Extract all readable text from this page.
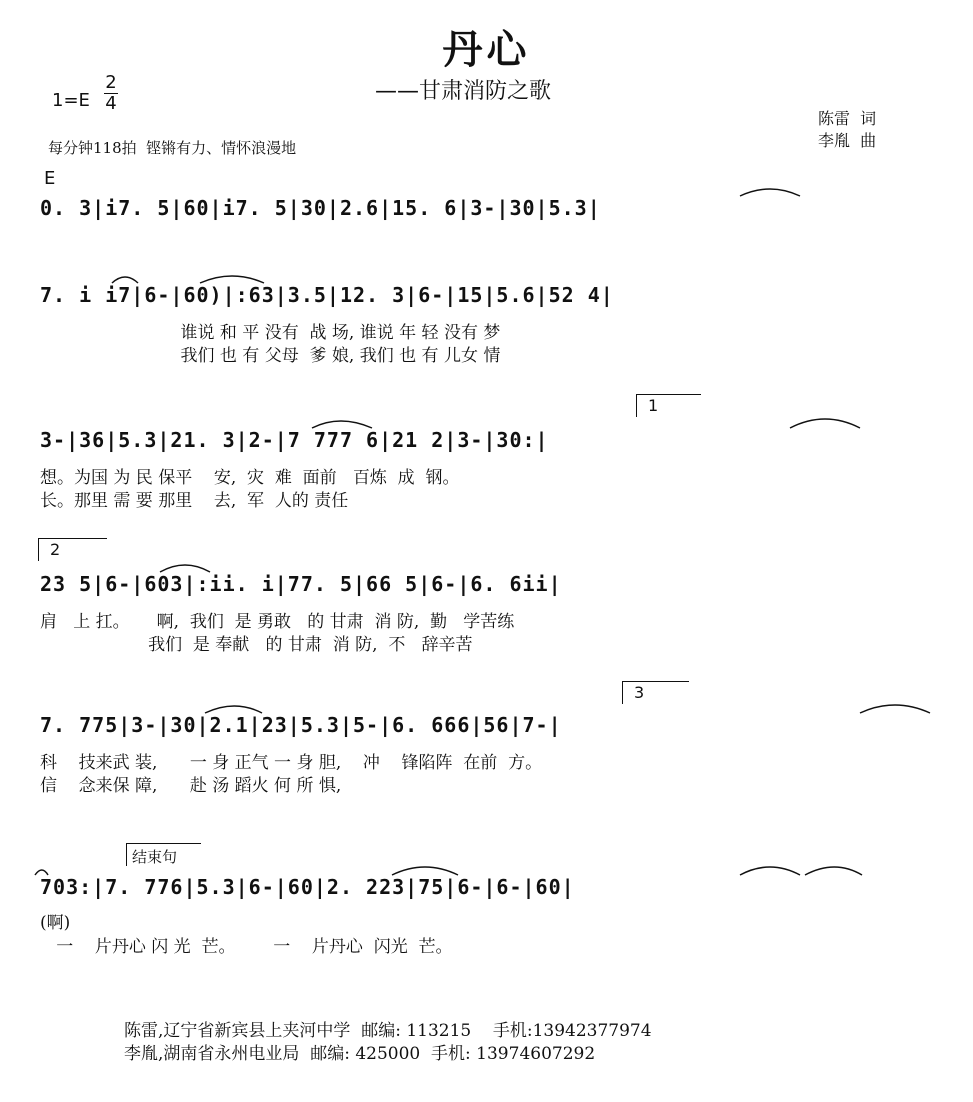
丹心
——甘肃消防之歌
1=E
2
4
每分钟118拍  铿锵有力、情怀浪漫地
陈雷  词
李胤  曲
E
0. 3|i7. 5|60|i7. 5|30|2.6|15. 6|3-|30|5.3|
7. i i7|6-|60)|:63|3.5|12. 3|6-|15|5.6|52 4|
谁说 和 平 没有  战 场, 谁说 年 轻 没有 梦
我们 也 有 父母  爹 娘, 我们 也 有 儿女 情
1
3-|36|5.3|21. 3|2-|7 777 6|21 2|3-|30:|
想。为国 为 民 保平    安,  灾  难  面前   百炼  成  钢。
长。那里 需 要 那里    去,  军  人的 责任
2
23 5|6-|603|:ii. i|77. 5|66 5|6-|6. 6ii|
肩   上 扛。     啊,  我们  是 勇敢   的 甘肃  消 防,  勤   学苦练
我们  是 奉献   的 甘肃  消 防,  不   辞辛苦
3
7. 775|3-|30|2.1|23|5.3|5-|6. 666|56|7-|
科    技来武 装,      一 身 正气 一 身 胆,    冲    锋陷阵  在前  方。
信    念来保 障,      赴 汤 蹈火 何 所 惧,
结束句
703:|7. 776|5.3|6-|60|2. 223|75|6-|6-|60|
(啊)
一    片丹心 闪 光  芒。       一    片丹心  闪光  芒。
陈雷,辽宁省新宾县上夹河中学  邮编: 113215    手机:13942377974
李胤,湖南省永州电业局  邮编: 425000  手机: 13974607292
